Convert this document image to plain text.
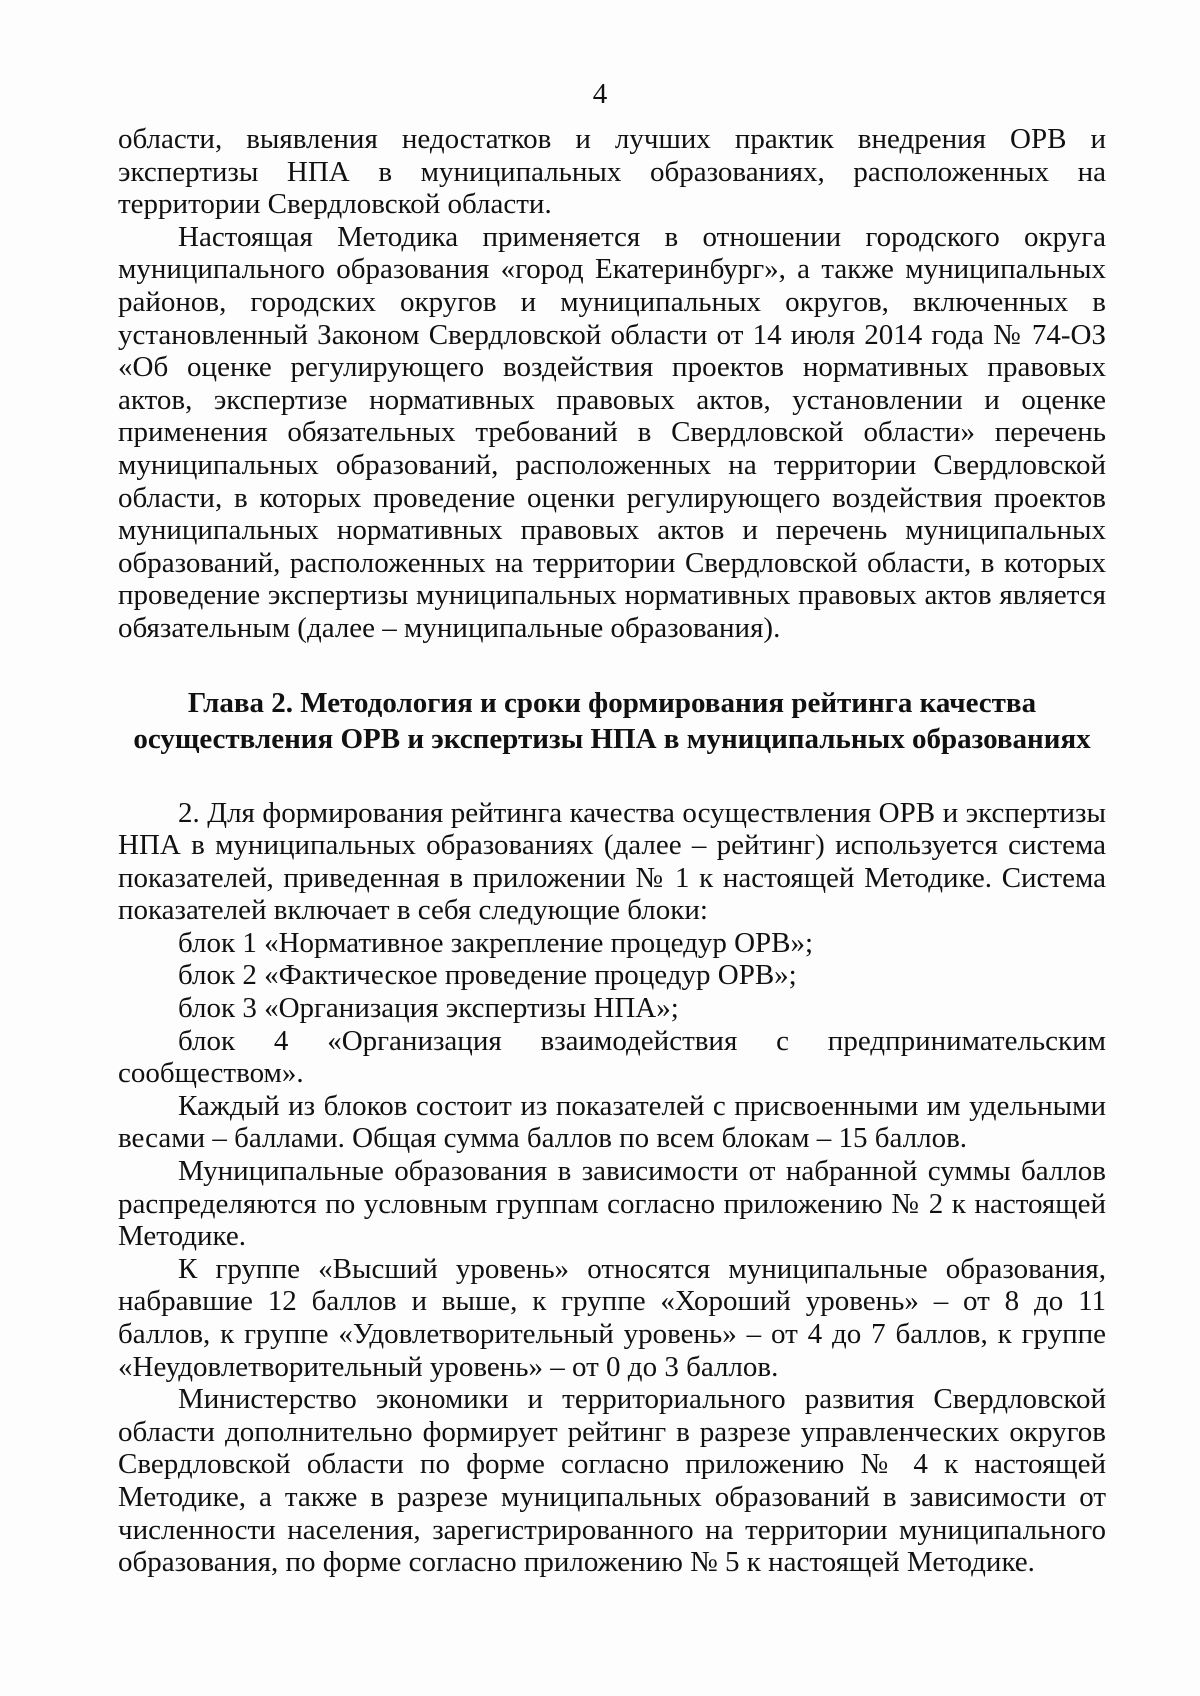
4

области, выявления недостатков и лучших практик внедрения ОРВ и экспертизы НПА в муниципальных образованиях, расположенных на территории Свердловской области.

Настоящая Методика применяется в отношении городского округа муниципального образования «город Екатеринбург», а также муниципальных районов, городских округов и муниципальных округов, включенных в установленный Законом Свердловской области от 14 июля 2014 года № 74-ОЗ «Об оценке регулирующего воздействия проектов нормативных правовых актов, экспертизе нормативных правовых актов, установлении и оценке применения обязательных требований в Свердловской области» перечень муниципальных образований, расположенных на территории Свердловской области, в которых проведение оценки регулирующего воздействия проектов муниципальных нормативных правовых актов и перечень муниципальных образований, расположенных на территории Свердловской области, в которых проведение экспертизы муниципальных нормативных правовых актов является обязательным (далее – муниципальные образования).

Глава 2. Методология и сроки формирования рейтинга качества
осуществления ОРВ и экспертизы НПА в муниципальных образованиях

2. Для формирования рейтинга качества осуществления ОРВ и экспертизы НПА в муниципальных образованиях (далее – рейтинг) используется система показателей, приведенная в приложении № 1 к настоящей Методике. Система показателей включает в себя следующие блоки:

блок 1 «Нормативное закрепление процедур ОРВ»;

блок 2 «Фактическое проведение процедур ОРВ»;

блок 3 «Организация экспертизы НПА»;

блок 4 «Организация взаимодействия с предпринимательским сообществом».

Каждый из блоков состоит из показателей с присвоенными им удельными весами – баллами. Общая сумма баллов по всем блокам – 15 баллов.

Муниципальные образования в зависимости от набранной суммы баллов распределяются по условным группам согласно приложению № 2 к настоящей Методике.

К группе «Высший уровень» относятся муниципальные образования, набравшие 12 баллов и выше, к группе «Хороший уровень» – от 8 до 11 баллов, к группе «Удовлетворительный уровень» – от 4 до 7 баллов, к группе «Неудовлетворительный уровень» – от 0 до 3 баллов.

Министерство экономики и территориального развития Свердловской области дополнительно формирует рейтинг в разрезе управленческих округов Свердловской области по форме согласно приложению № 4 к настоящей Методике, а также в разрезе муниципальных образований в зависимости от численности населения, зарегистрированного на территории муниципального образования, по форме согласно приложению № 5 к настоящей Методике.
